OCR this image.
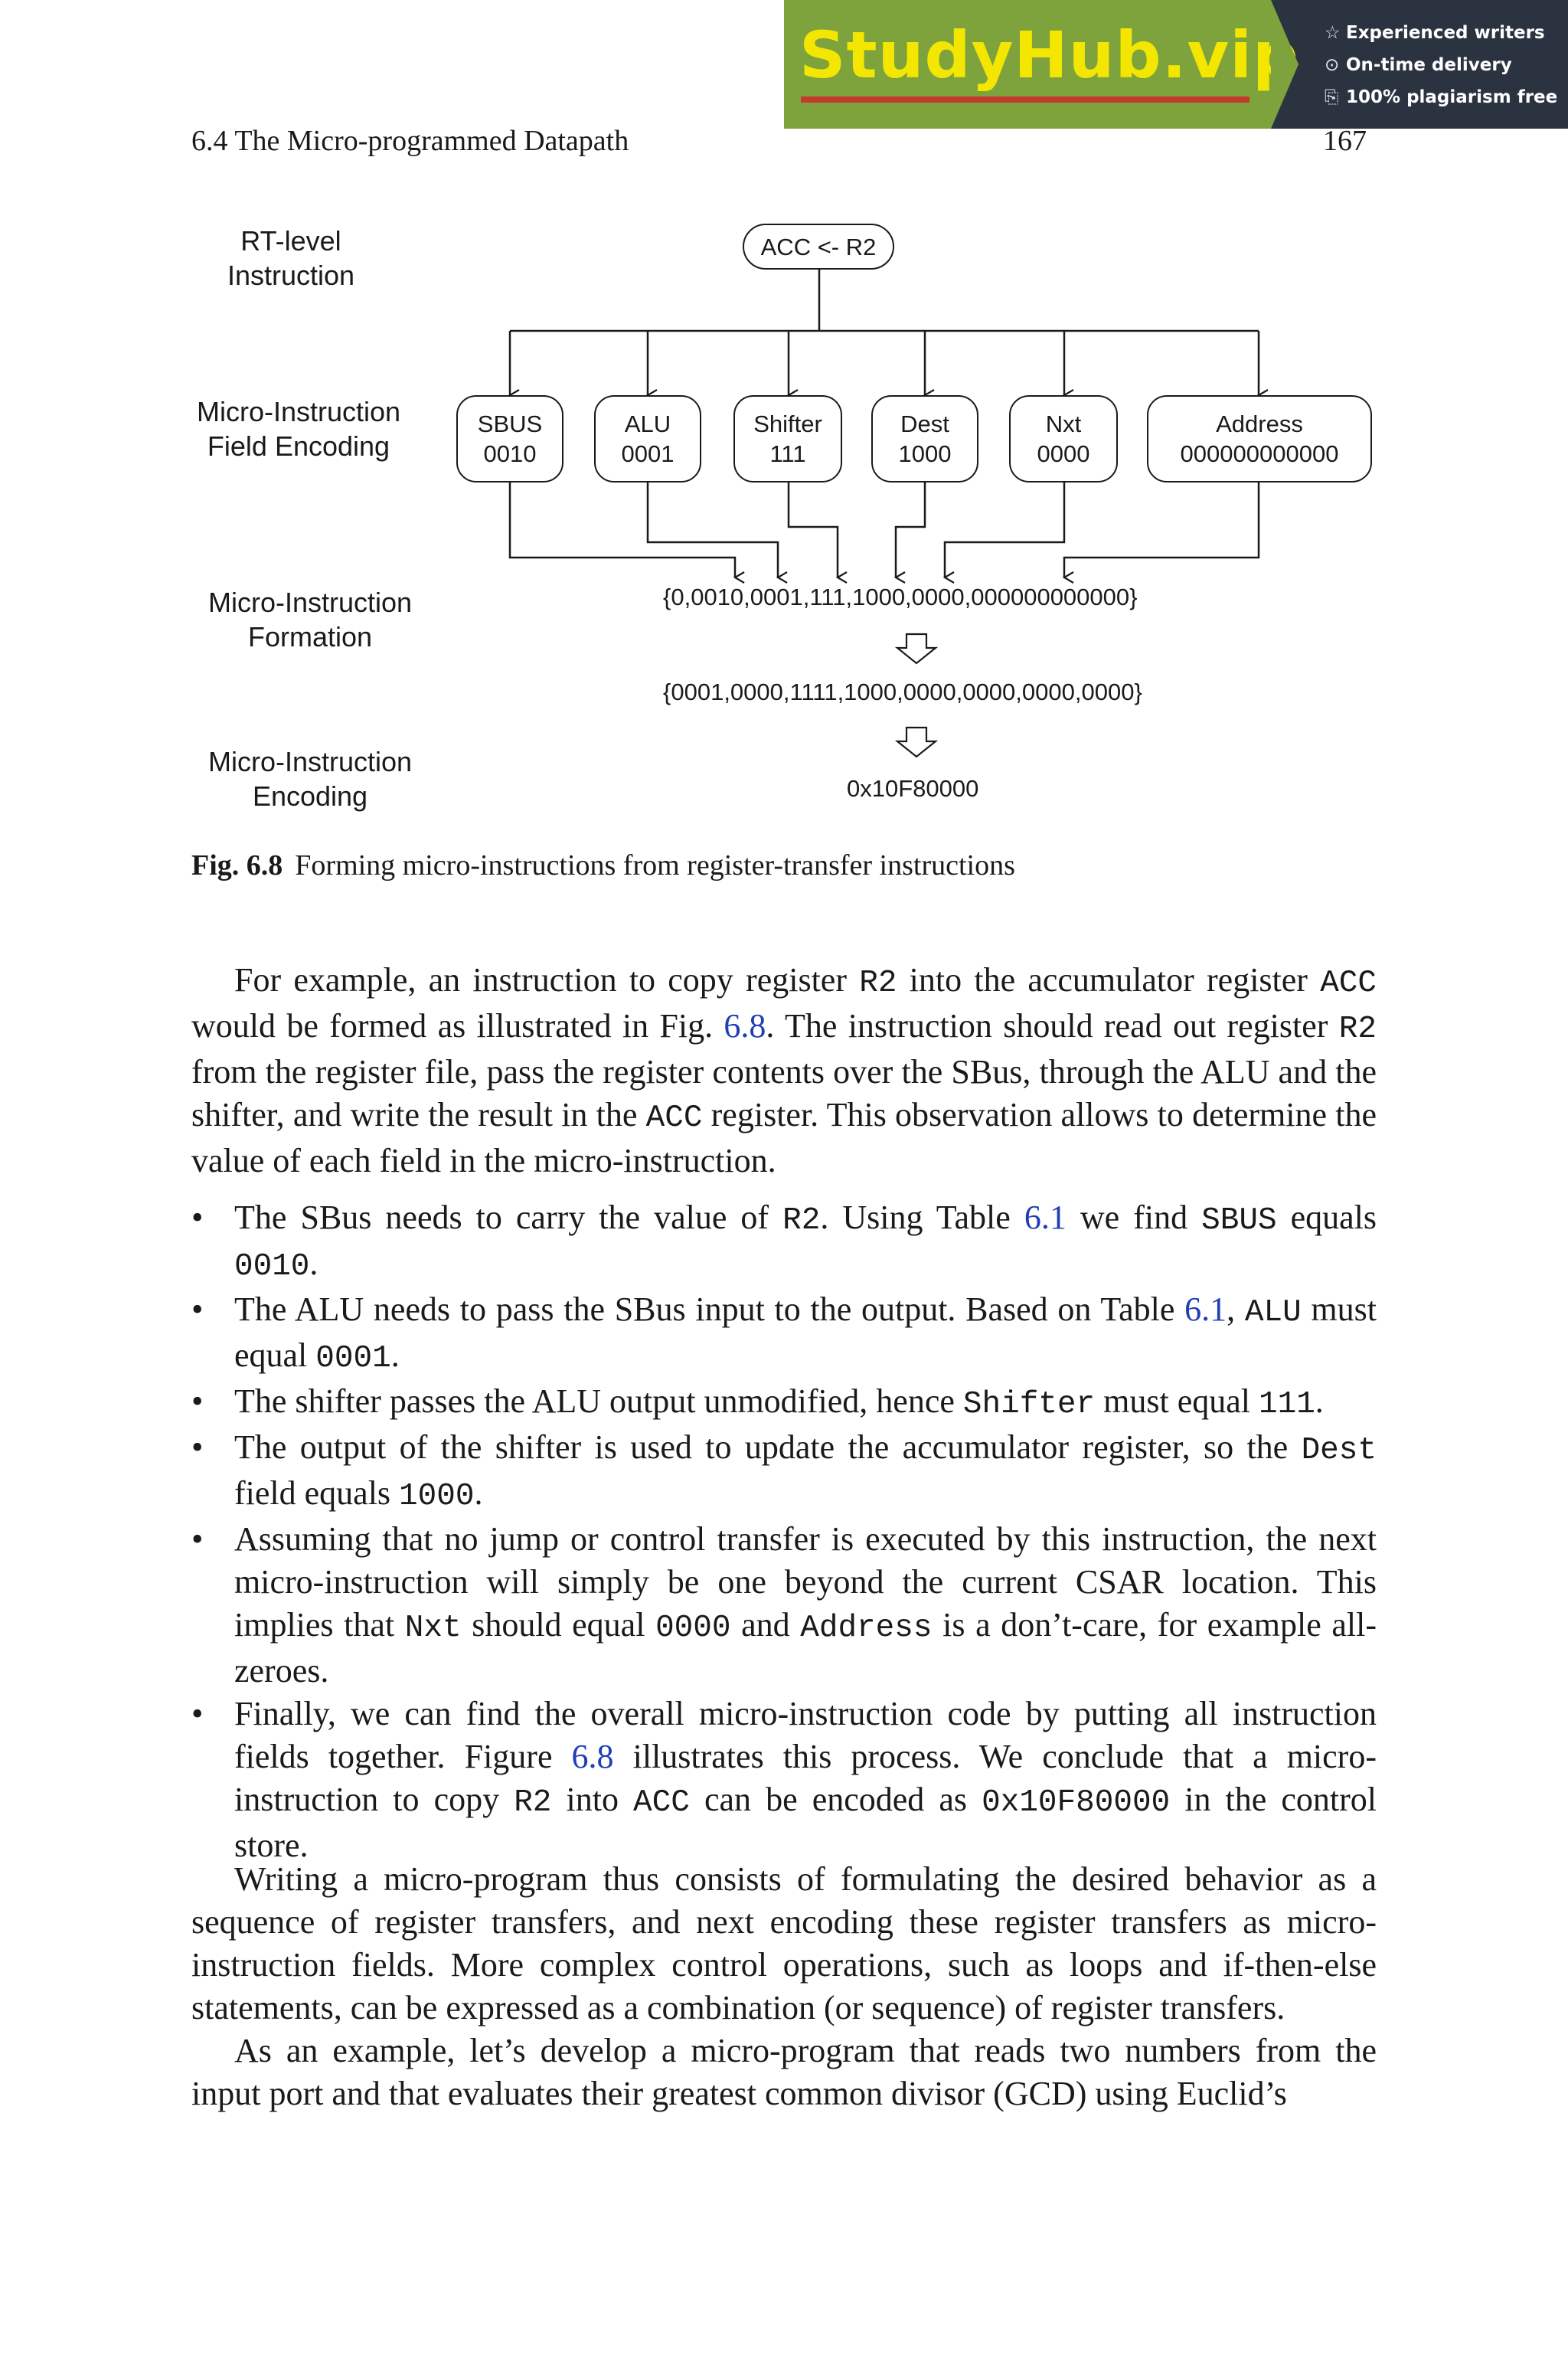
StudyHub.vip ☆ Experienced writers
⊙ On-time delivery
⎘ 100% plagiarism free
6.4 The Micro-programmed Datapath	167
RT-level
Instruction
Micro-Instruction
Field Encoding
Micro-Instruction
Formation
Micro-Instruction
Encoding
ACC <- R2
SBUS
0010
ALU
0001
Shifter
111
Dest
1000
Nxt
0000
Address
000000000000
{0,0010,0001,111,1000,0000,000000000000}
{0001,0000,1111,1000,0000,0000,0000,0000}
0x10F80000
Fig. 6.8 Forming micro-instructions from register-transfer instructions

For example, an instruction to copy register R2 into the accumulator register ACC would be formed as illustrated in Fig. 6.8. The instruction should read out register R2 from the register file, pass the register contents over the SBus, through the ALU and the shifter, and write the result in the ACC register. This observation allows to determine the value of each field in the micro-instruction.

• The SBus needs to carry the value of R2. Using Table 6.1 we find SBUS equals 0010.
• The ALU needs to pass the SBus input to the output. Based on Table 6.1, ALU must equal 0001.
• The shifter passes the ALU output unmodified, hence Shifter must equal 111.
• The output of the shifter is used to update the accumulator register, so the Dest field equals 1000.
• Assuming that no jump or control transfer is executed by this instruction, the next micro-instruction will simply be one beyond the current CSAR location. This implies that Nxt should equal 0000 and Address is a don’t-care, for example all-zeroes.
• Finally, we can find the overall micro-instruction code by putting all instruction fields together. Figure 6.8 illustrates this process. We conclude that a micro-instruction to copy R2 into ACC can be encoded as 0x10F80000 in the control store.

Writing a micro-program thus consists of formulating the desired behavior as a sequence of register transfers, and next encoding these register transfers as micro-instruction fields. More complex control operations, such as loops and if-then-else statements, can be expressed as a combination (or sequence) of register transfers.

As an example, let’s develop a micro-program that reads two numbers from the input port and that evaluates their greatest common divisor (GCD) using Euclid’s
